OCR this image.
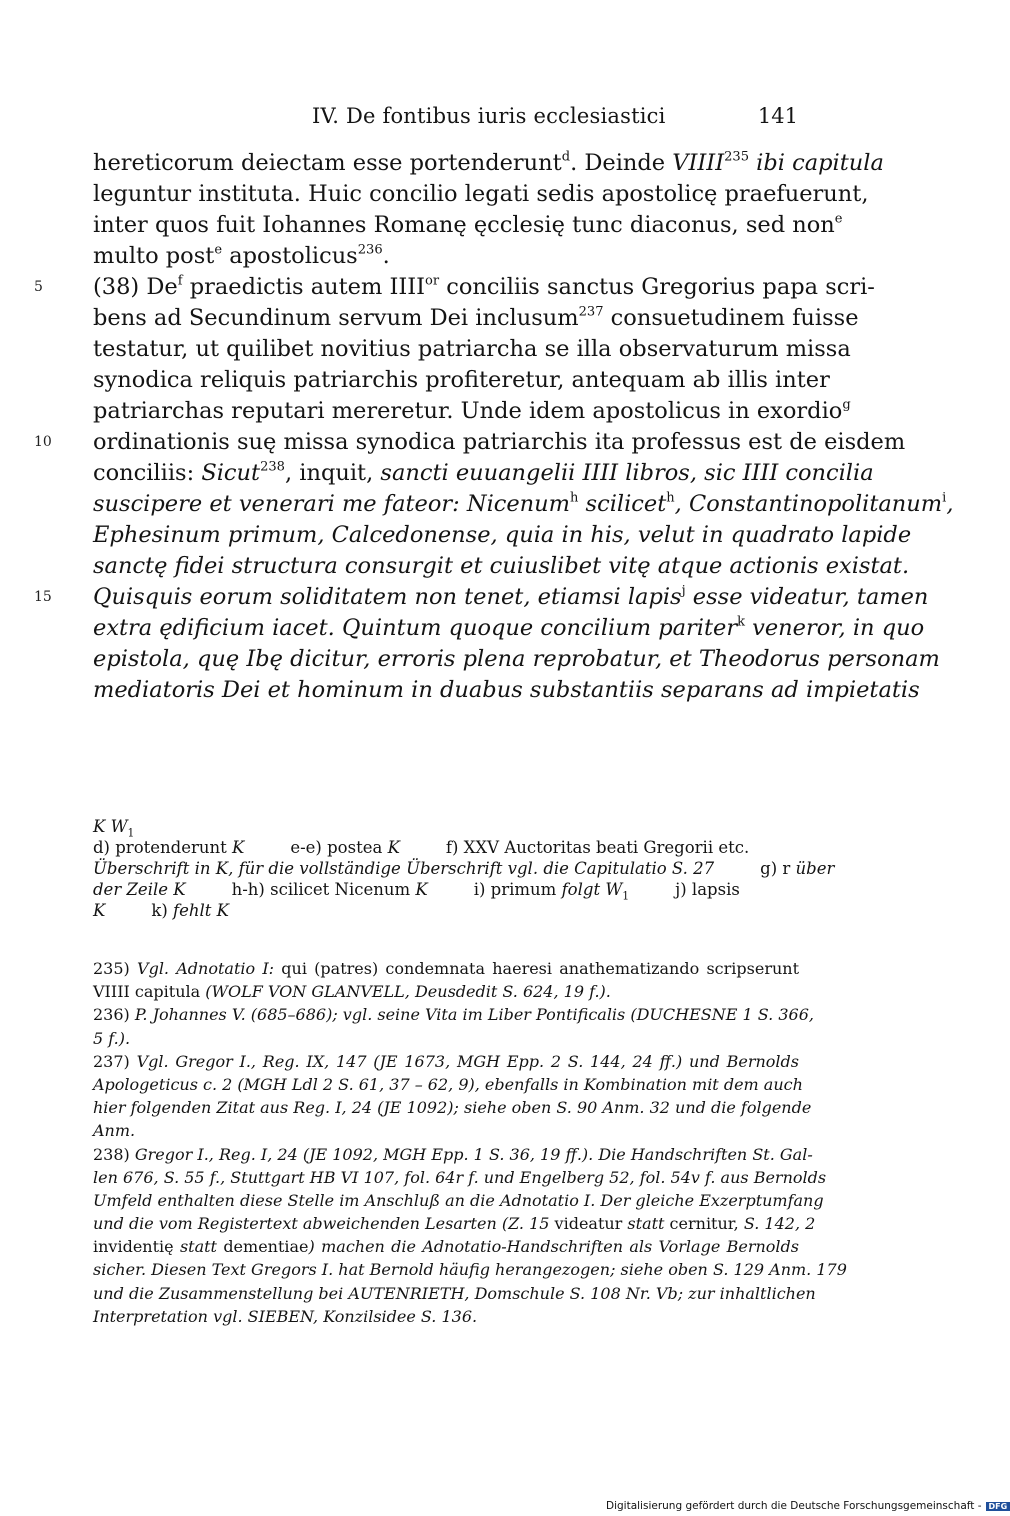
IV. De fontibus iuris ecclesiastici	141
hereticorum deiectam esse portenderunt$^d$. Deinde VIIII$^{235}$ ibi capitula
leguntur instituta. Huic concilio legati sedis apostolicę praefuerunt,
inter quos fuit Iohannes Romanę ęcclesię tunc diaconus, sed non$^e$
multo post$^e$ apostolicus$^{236}$.
5 (38) De$^f$ praedictis autem $IIII^{or}$ conciliis sanctus Gregorius papa scri-
bens ad Secundinum servum Dei inclusum$^{237}$ consuetudinem fuisse
testatur, ut quilibet novitius patriarcha se illa observaturum missa
synodica reliquis patriarchis profiteretur, antequam ab illis inter
patriarchas reputari mereretur. Unde idem apostolicus in exordio$^g$
10 ordinationis suę missa synodica patriarchis ita professus est de eisdem
conciliis: Sicut$^{238}$, inquit, sancti euuangelii IIII libros, sic IIII concilia
suscipere et venerari me fateor: Nicenum$^h$ scilicet$^h$, Constantinopolitanum$^i$,
Ephesinum primum, Calcedonense, quia in his, velut in quadrato lapide
sanctę fidei structura consurgit et cuiuslibet vitę atque actionis existat.
15 Quisquis eorum soliditatem non tenet, etiamsi lapis$^j$ esse videatur, tamen
extra ędificium iacet. Quintum quoque concilium pariter$^k$ veneror, in quo
epistola, quę Ibę dicitur, erroris plena reprobatur, et Theodorus personam
mediatoris Dei et hominum in duabus substantiis separans ad impietatis
K $W_1$
d) protenderunt K	e-e) postea K	f) XXV Auctoritas beati Gregorii etc.
Überschrift in K, für die vollständige Überschrift vgl. die Capitulatio S. 27	g) r über
der Zeile K	h-h) scilicet Nicenum K	i) primum folgt $W_1$	j) lapsis
K	k) fehlt K
235) Vgl. Adnotatio I: qui (patres) condemnata haeresi anathematizando scripserunt
VIIII capitula (WOLF VON GLANVELL, Deusdedit S. 624, 19 f.).
236) P. Johannes V. (685–686); vgl. seine Vita im Liber Pontificalis (DUCHESNE 1 S. 366,
5 f.).
237) Vgl. Gregor I., Reg. IX, 147 (JE 1673, MGH Epp. 2 S. 144, 24 ff.) und Bernolds
Apologeticus c. 2 (MGH Ldl 2 S. 61, 37 – 62, 9), ebenfalls in Kombination mit dem auch
hier folgenden Zitat aus Reg. I, 24 (JE 1092); siehe oben S. 90 Anm. 32 und die folgende
Anm.
238) Gregor I., Reg. I, 24 (JE 1092, MGH Epp. 1 S. 36, 19 ff.). Die Handschriften St. Gal-
len 676, S. 55 f., Stuttgart HB VI 107, fol. 64r f. und Engelberg 52, fol. 54v f. aus Bernolds
Umfeld enthalten diese Stelle im Anschluß an die Adnotatio I. Der gleiche Exzerptumfang
und die vom Registertext abweichenden Lesarten (Z. 15 videatur statt cernitur, S. 142, 2
invidentię statt dementiae) machen die Adnotatio-Handschriften als Vorlage Bernolds
sicher. Diesen Text Gregors I. hat Bernold häufig herangezogen; siehe oben S. 129 Anm. 179
und die Zusammenstellung bei AUTENRIETH, Domschule S. 108 Nr. Vb; zur inhaltlichen
Interpretation vgl. SIEBEN, Konzilsidee S. 136.
Digitalisierung gefördert durch die Deutsche Forschungsgemeinschaft - DFG
